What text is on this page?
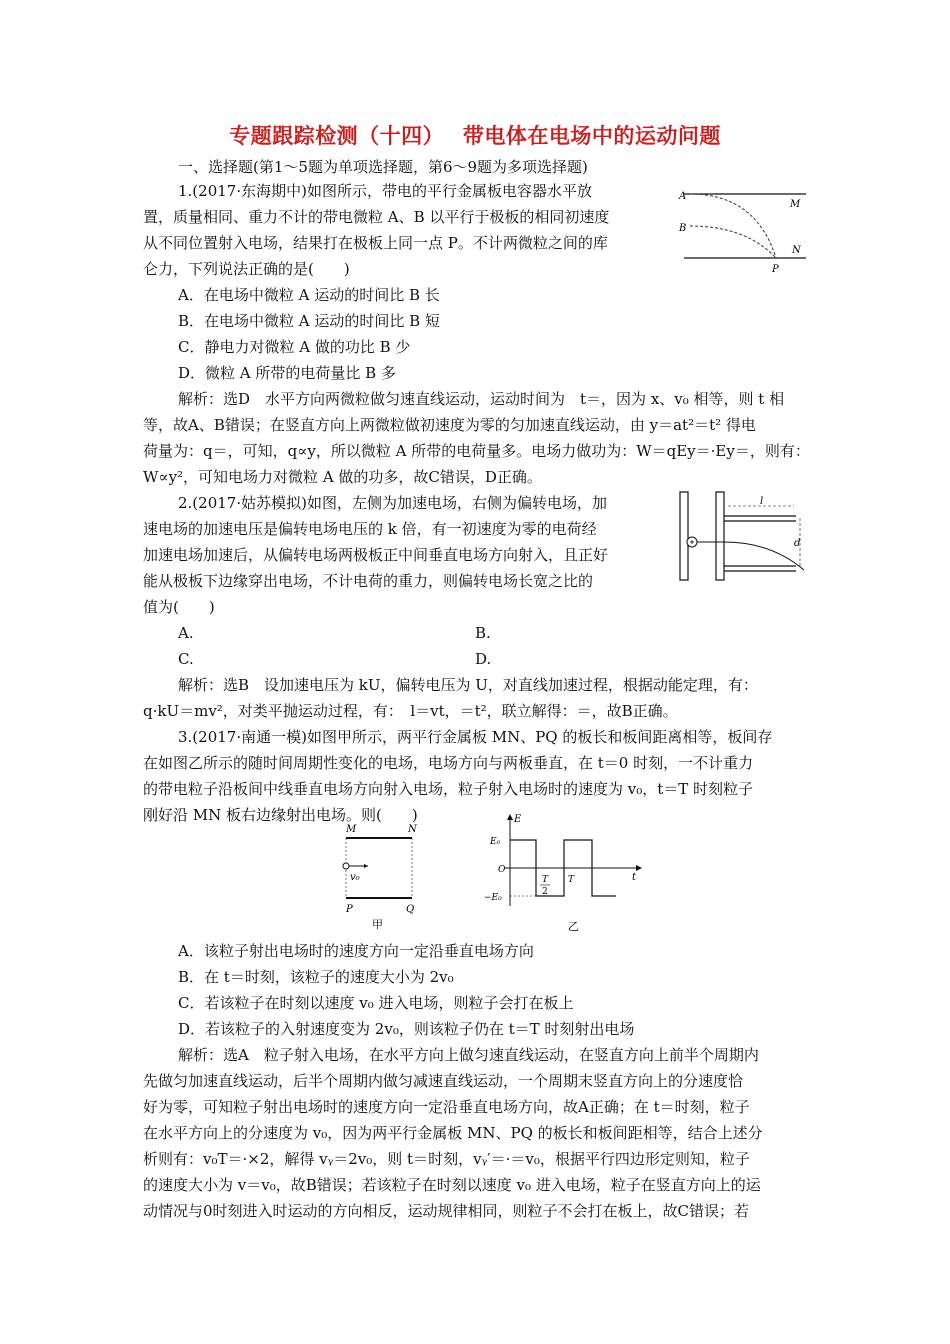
专题跟踪检测（十四）　 带电体在电场中的运动问题
一、选择题(第1～5题为单项选择题，第6～9题为多项选择题)
1.(2017·东海期中)如图所示，带电的平行金属板电容器水平放
置，质量相同、重力不计的带电微粒 A、B 以平行于极板的相同初速度
从不同位置射入电场，结果打在极板上同一点 P。不计两微粒之间的库
仑力，下列说法正确的是(　　)
A
B
M
N
P
A．在电场中微粒 A 运动的时间比 B 长
B．在电场中微粒 A 运动的时间比 B 短
C．静电力对微粒 A 做的功比 B 少
D．微粒 A 所带的电荷量比 B 多
解析：选D　水平方向两微粒做匀速直线运动，运动时间为　t＝，因为 x、v₀ 相等，则 t 相
等，故A、B错误；在竖直方向上两微粒做初速度为零的匀加速直线运动，由 y＝at²＝t² 得电
荷量为：q＝，可知，q∝y，所以微粒 A 所带的电荷量多。电场力做功为：W＝qEy＝·Ey＝，则有：
W∝y²，可知电场力对微粒 A 做的功多，故C错误，D正确。
2.(2017·姑苏模拟)如图，左侧为加速电场，右侧为偏转电场，加
速电场的加速电压是偏转电场电压的 k 倍，有一初速度为零的电荷经
加速电场加速后，从偏转电场两极板正中间垂直电场方向射入，且正好
能从极板下边缘穿出电场，不计电荷的重力，则偏转电场长宽之比的
值为(　　)
l
d
A.	B.
C.	D.
解析：选B　设加速电压为 kU，偏转电压为 U，对直线加速过程，根据动能定理，有：
q·kU＝mv²，对类平抛运动过程，有：　l＝vt，＝t²，联立解得：＝，故B正确。
3.(2017·南通一模)如图甲所示，两平行金属板 MN、PQ 的板长和板间距离相等，板间存
在如图乙所示的随时间周期性变化的电场，电场方向与两板垂直，在 t＝0 时刻，一不计重力
的带电粒子沿板间中线垂直电场方向射入电场，粒子射入电场时的速度为 v₀，t＝T 时刻粒子
刚好沿 MN 板右边缘射出电场。则(　　)
M	N
v₀
P	Q
甲
E
E₀
O
−E₀
t
T
2
T
乙
A．该粒子射出电场时的速度方向一定沿垂直电场方向
B．在 t＝时刻，该粒子的速度大小为 2v₀
C．若该粒子在时刻以速度 v₀ 进入电场，则粒子会打在板上
D．若该粒子的入射速度变为 2v₀，则该粒子仍在 t＝T 时刻射出电场
解析：选A　粒子射入电场，在水平方向上做匀速直线运动，在竖直方向上前半个周期内
先做匀加速直线运动，后半个周期内做匀减速直线运动，一个周期末竖直方向上的分速度恰
好为零，可知粒子射出电场时的速度方向一定沿垂直电场方向，故A正确；在 t＝时刻，粒子
在水平方向上的分速度为 v₀，因为两平行金属板 MN、PQ 的板长和板间距相等，结合上述分
析则有：v₀T＝·×2，解得 vᵧ＝2v₀，则 t＝时刻，vᵧ′＝·＝v₀，根据平行四边形定则知，粒子
的速度大小为 v＝v₀，故B错误；若该粒子在时刻以速度 v₀ 进入电场，粒子在竖直方向上的运
动情况与0时刻进入时运动的方向相反，运动规律相同，则粒子不会打在板上，故C错误；若
